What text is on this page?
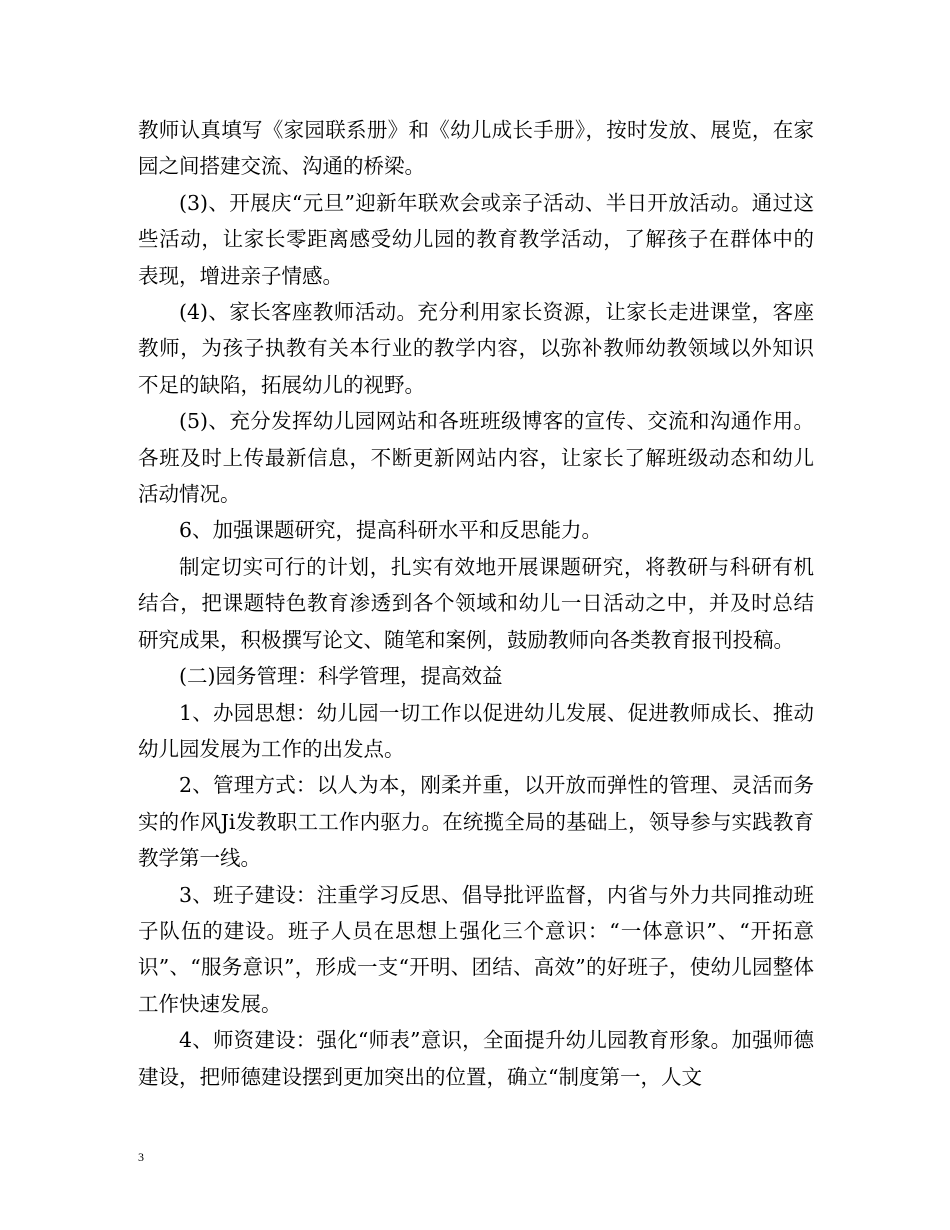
教师认真填写《家园联系册》和《幼儿成长手册》，按时发放、展览，在家园之间搭建交流、沟通的桥梁。

(3)、开展庆“元旦”迎新年联欢会或亲子活动、半日开放活动。通过这些活动，让家长零距离感受幼儿园的教育教学活动，了解孩子在群体中的表现，增进亲子情感。

(4)、家长客座教师活动。充分利用家长资源，让家长走进课堂，客座教师，为孩子执教有关本行业的教学内容，以弥补教师幼教领域以外知识不足的缺陷，拓展幼儿的视野。

(5)、充分发挥幼儿园网站和各班班级博客的宣传、交流和沟通作用。各班及时上传最新信息，不断更新网站内容，让家长了解班级动态和幼儿活动情况。

6、加强课题研究，提高科研水平和反思能力。

制定切实可行的计划，扎实有效地开展课题研究，将教研与科研有机结合，把课题特色教育渗透到各个领域和幼儿一日活动之中，并及时总结研究成果，积极撰写论文、随笔和案例，鼓励教师向各类教育报刊投稿。

(二)园务管理：科学管理，提高效益

1、办园思想：幼儿园一切工作以促进幼儿发展、促进教师成长、推动幼儿园发展为工作的出发点。

2、管理方式：以人为本，刚柔并重，以开放而弹性的管理、灵活而务实的作风Ji发教职工工作内驱力。在统揽全局的基础上，领导参与实践教育教学第一线。

3、班子建设：注重学习反思、倡导批评监督，内省与外力共同推动班子队伍的建设。班子人员在思想上强化三个意识：“一体意识”、“开拓意识”、“服务意识”，形成一支“开明、团结、高效”的好班子，使幼儿园整体工作快速发展。

4、师资建设：强化“师表”意识，全面提升幼儿园教育形象。加强师德建设，把师德建设摆到更加突出的位置，确立“制度第一，人文

3
